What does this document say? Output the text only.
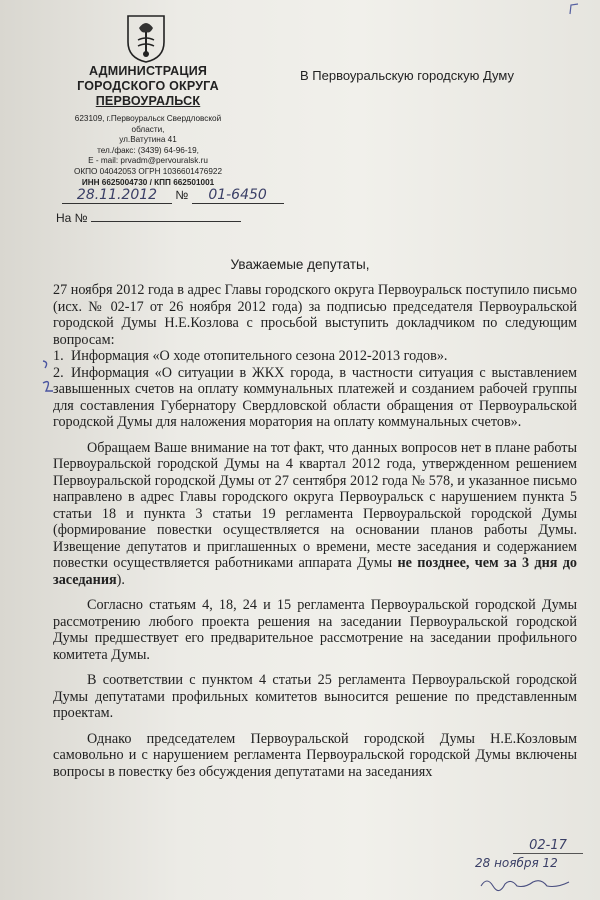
АДМИНИСТРАЦИЯ
ГОРОДСКОГО ОКРУГА
ПЕРВОУРАЛЬСК
623109, г.Первоуральск Свердловской области,
ул.Ватутина 41
тел./факс: (3439) 64-96-19,
E - mail: prvadm@pervouralsk.ru
ОКПО 04042053 ОГРН 1036601476922
ИНН 6625004730 / КПП 662501001
В Первоуральскую городскую Думу
28.11.2012 № 01-6450
На №
Уважаемые депутаты,

27 ноября 2012 года в адрес Главы городского округа Первоуральск поступило письмо (исх. № 02-17 от 26 ноября 2012 года) за подписью председателя Первоуральской городской Думы Н.Е.Козлова с просьбой выступить докладчиком по следующим вопросам:

1. Информация «О ходе отопительного сезона 2012-2013 годов».

2. Информация «О ситуации в ЖКХ города, в частности ситуация с выставлением завышенных счетов на оплату коммунальных платежей и созданием рабочей группы для составления Губернатору Свердловской области обращения от Первоуральской городской Думы для наложения моратория на оплату коммунальных счетов».

Обращаем Ваше внимание на тот факт, что данных вопросов нет в плане работы Первоуральской городской Думы на 4 квартал 2012 года, утвержденном решением Первоуральской городской Думы от 27 сентября 2012 года № 578, и указанное письмо направлено в адрес Главы городского округа Первоуральск с нарушением пункта 5 статьи 18 и пункта 3 статьи 19 регламента Первоуральской городской Думы (формирование повестки осуществляется на основании планов работы Думы. Извещение депутатов и приглашенных о времени, месте заседания и содержанием повестки осуществляется работниками аппарата Думы не позднее, чем за 3 дня до заседания).

Согласно статьям 4, 18, 24 и 15 регламента Первоуральской городской Думы рассмотрению любого проекта решения на заседании Первоуральской городской Думы предшествует его предварительное рассмотрение на заседании профильного комитета Думы.

В соответствии с пунктом 4 статьи 25 регламента Первоуральской городской Думы депутатами профильных комитетов выносится решение по представленным проектам.

Однако председателем Первоуральской городской Думы Н.Е.Козловым самовольно и с нарушением регламента Первоуральской городской Думы включены вопросы в повестку без обсуждения депутатами на заседаниях

02-17
28 ноября 12
